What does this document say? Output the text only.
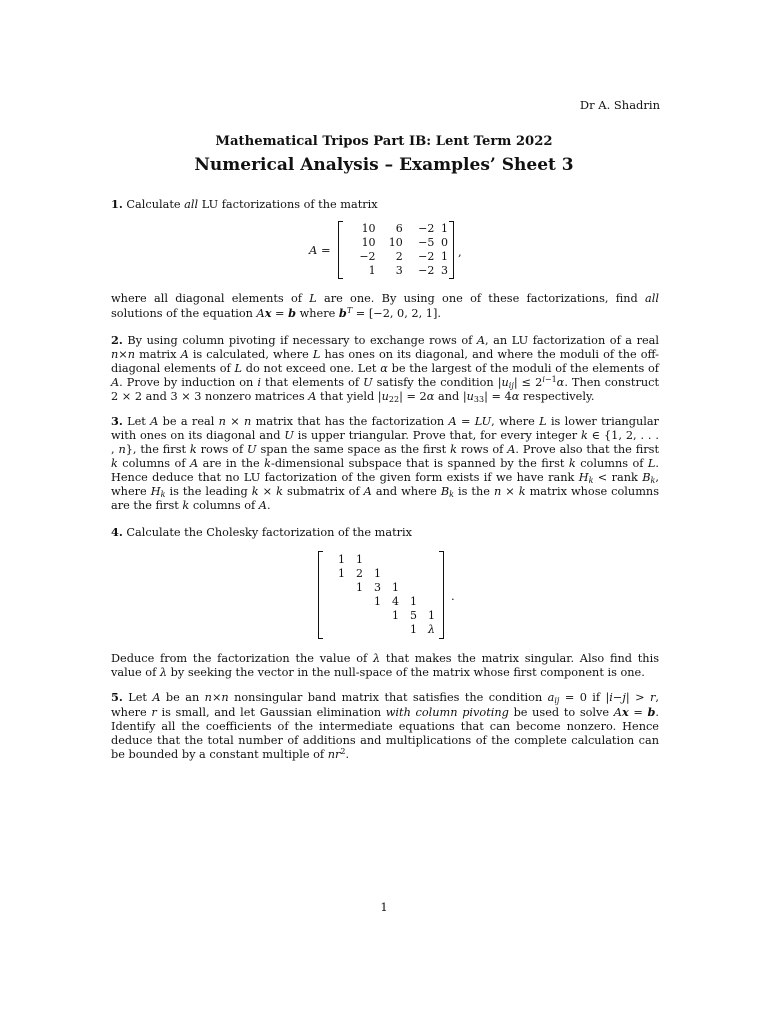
Dr A. Shadrin
Mathematical Tripos Part IB: Lent Term 2022
Numerical Analysis – Examples’ Sheet 3
1. Calculate all LU factorizations of the matrix
A =
10	6	−2	1
10	10	−5	0
−2	2	−2	1
1	3	−2	3
,
where all diagonal elements of L are one. By using one of these factorizations, find all solutions of the equation Ax = b where $b^T = [-2$, 0, 2, 1].
2. By using column pivoting if necessary to exchange rows of A, an LU factorization of a real n×n matrix A is calculated, where L has ones on its diagonal, and where the moduli of the off-diagonal elements of L do not exceed one. Let α be the largest of the moduli of the elements of A. Prove by induction on i that elements of U satisfy the condition $|u_{ij}| \le 2^{i-1}\alpha$. Then construct 2 × 2 and 3 × 3 nonzero matrices A that yield $|u_{22}| = 2\alpha$ and $|u_{33}| = 4\alpha$ respectively.
3. Let A be a real n × n matrix that has the factorization A = LU, where L is lower triangular with ones on its diagonal and U is upper triangular. Prove that, for every integer k ∈ {1, 2, . . . , n}, the first k rows of U span the same space as the first k rows of A. Prove also that the first k columns of A are in the k-dimensional subspace that is spanned by the first k columns of L. Hence deduce that no LU factorization of the given form exists if we have rank $H_k$ < rank $B_k$, where $H_k$ is the leading k × k submatrix of A and where $B_k$ is the n × k matrix whose columns are the first k columns of A.
4. Calculate the Cholesky factorization of the matrix
1	1				
1	2	1			
	1	3	1		
		1	4	1	
			1	5	1
				1	λ
.
Deduce from the factorization the value of λ that makes the matrix singular. Also find this value of λ by seeking the vector in the null-space of the matrix whose first component is one.
5. Let A be an n×n nonsingular band matrix that satisfies the condition $a_{ij} = 0$ if |i−j| > r, where r is small, and let Gaussian elimination with column pivoting be used to solve Ax = b. Identify all the coefficients of the intermediate equations that can become nonzero. Hence deduce that the total number of additions and multiplications of the complete calculation can be bounded by a constant multiple of $nr^2$.
1
